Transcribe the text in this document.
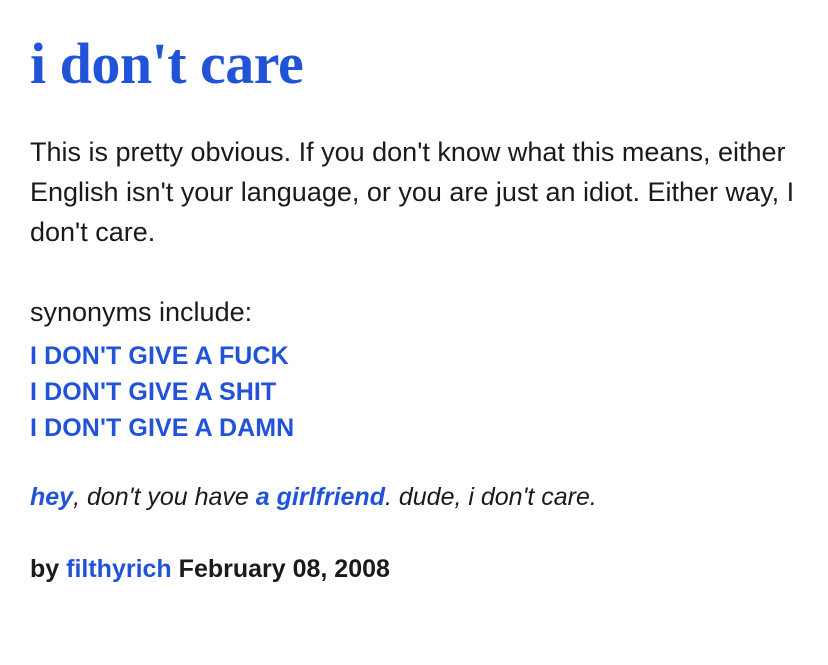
i don't care

This is pretty obvious. If you don't know what this means, either English isn't your language, or you are just an idiot. Either way, I don't care.

synonyms include:

I DON'T GIVE A FUCK
I DON'T GIVE A SHIT
I DON'T GIVE A DAMN

hey, don't you have a girlfriend. dude, i don't care.

by filthyrich February 08, 2008
